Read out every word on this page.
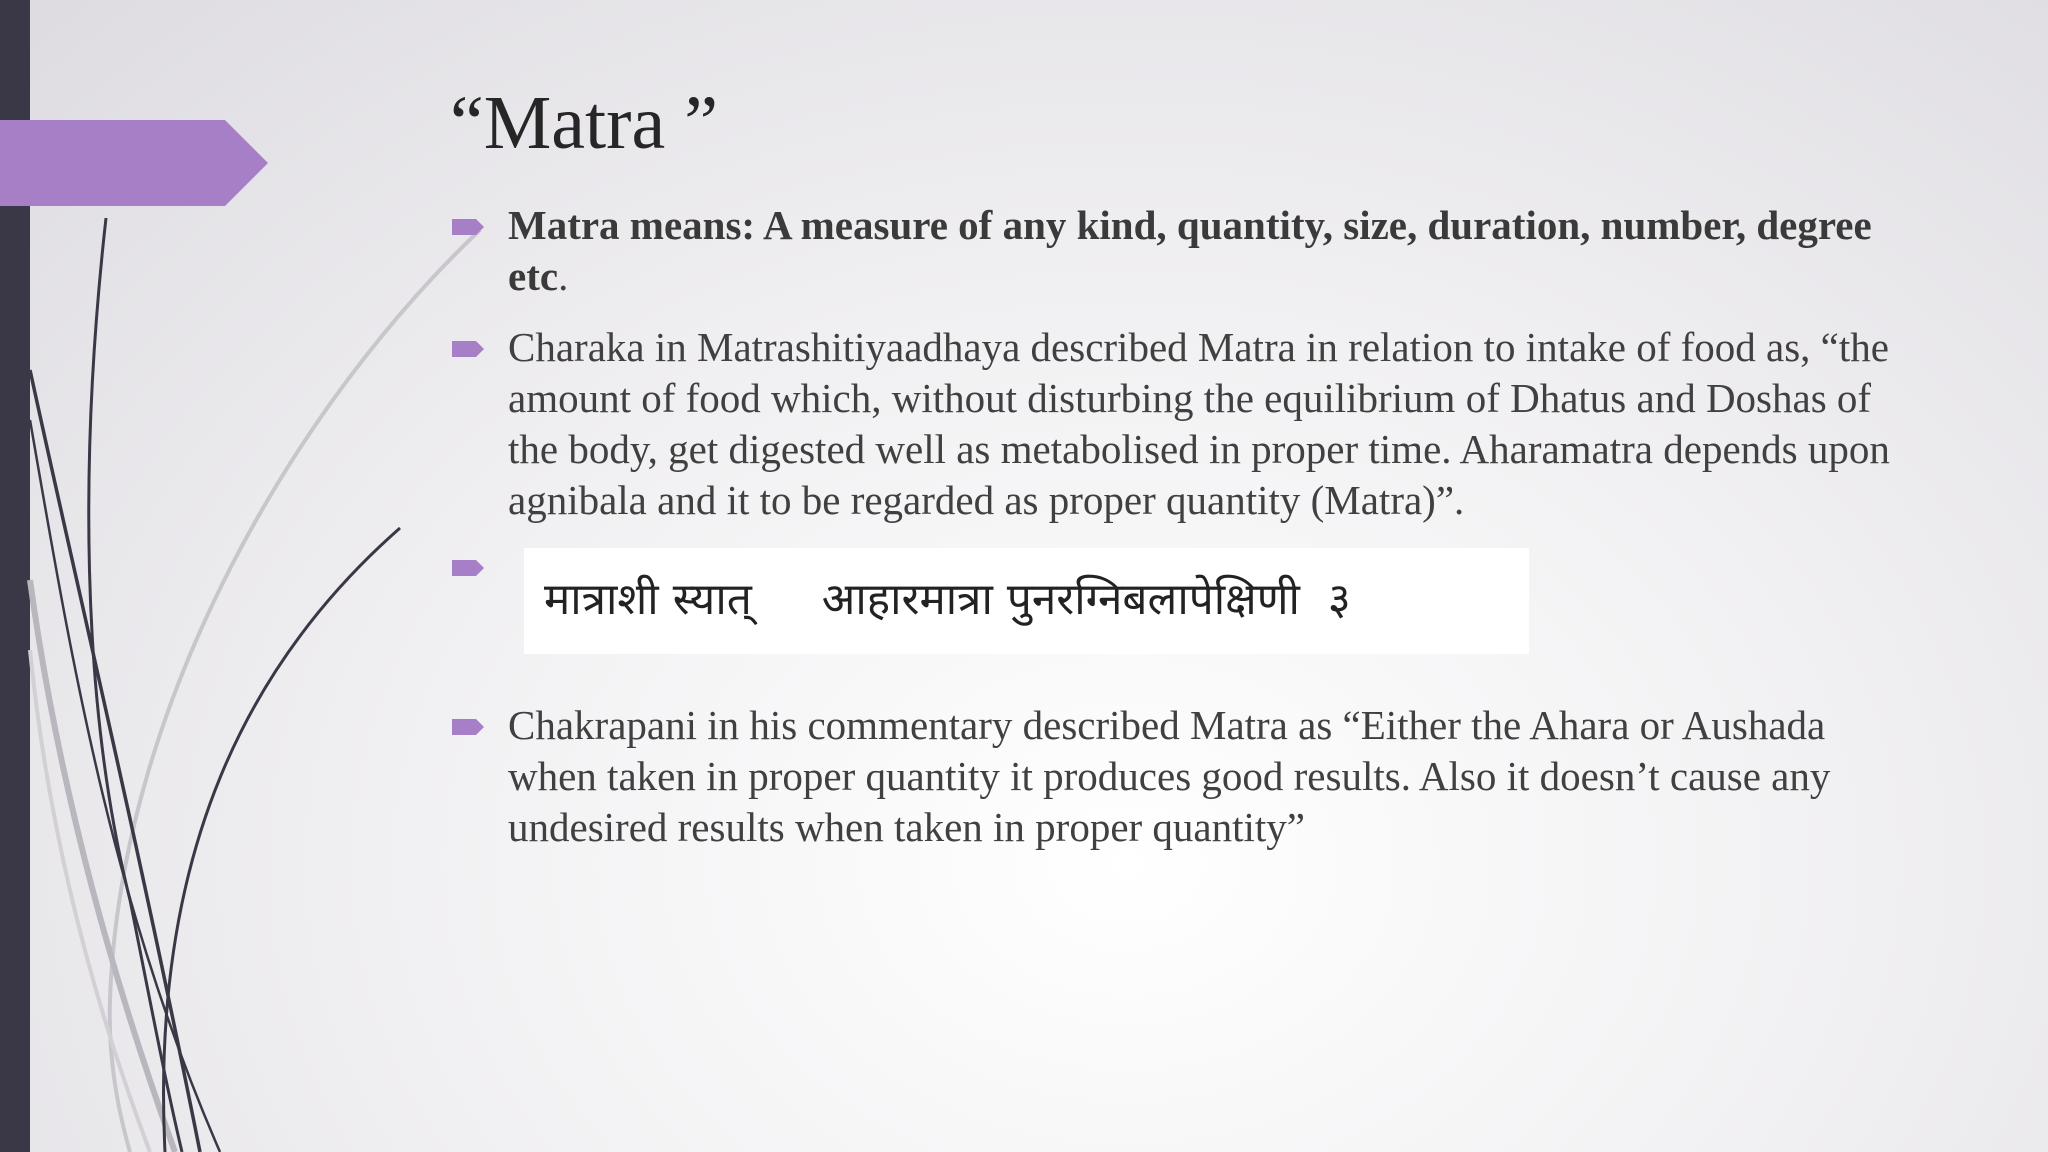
“Matra ”
Matra means: A measure of any kind, quantity, size, duration, number, degree etc.
Charaka in Matrashitiyaadhaya described Matra in relation to intake of food as, “the amount of food which, without disturbing the equilibrium of Dhatus and Doshas of the body, get digested well as metabolised in proper time. Aharamatra depends upon agnibala and it to be regarded as proper quantity (Matra)”.
मात्राशी स्यात्     आहारमात्रा पुनरग्निबलापेक्षिणी  ३
Chakrapani in his commentary described Matra as “Either the Ahara or Aushada when taken in proper quantity it produces good results. Also it doesn’t cause any undesired results when taken in proper quantity”
